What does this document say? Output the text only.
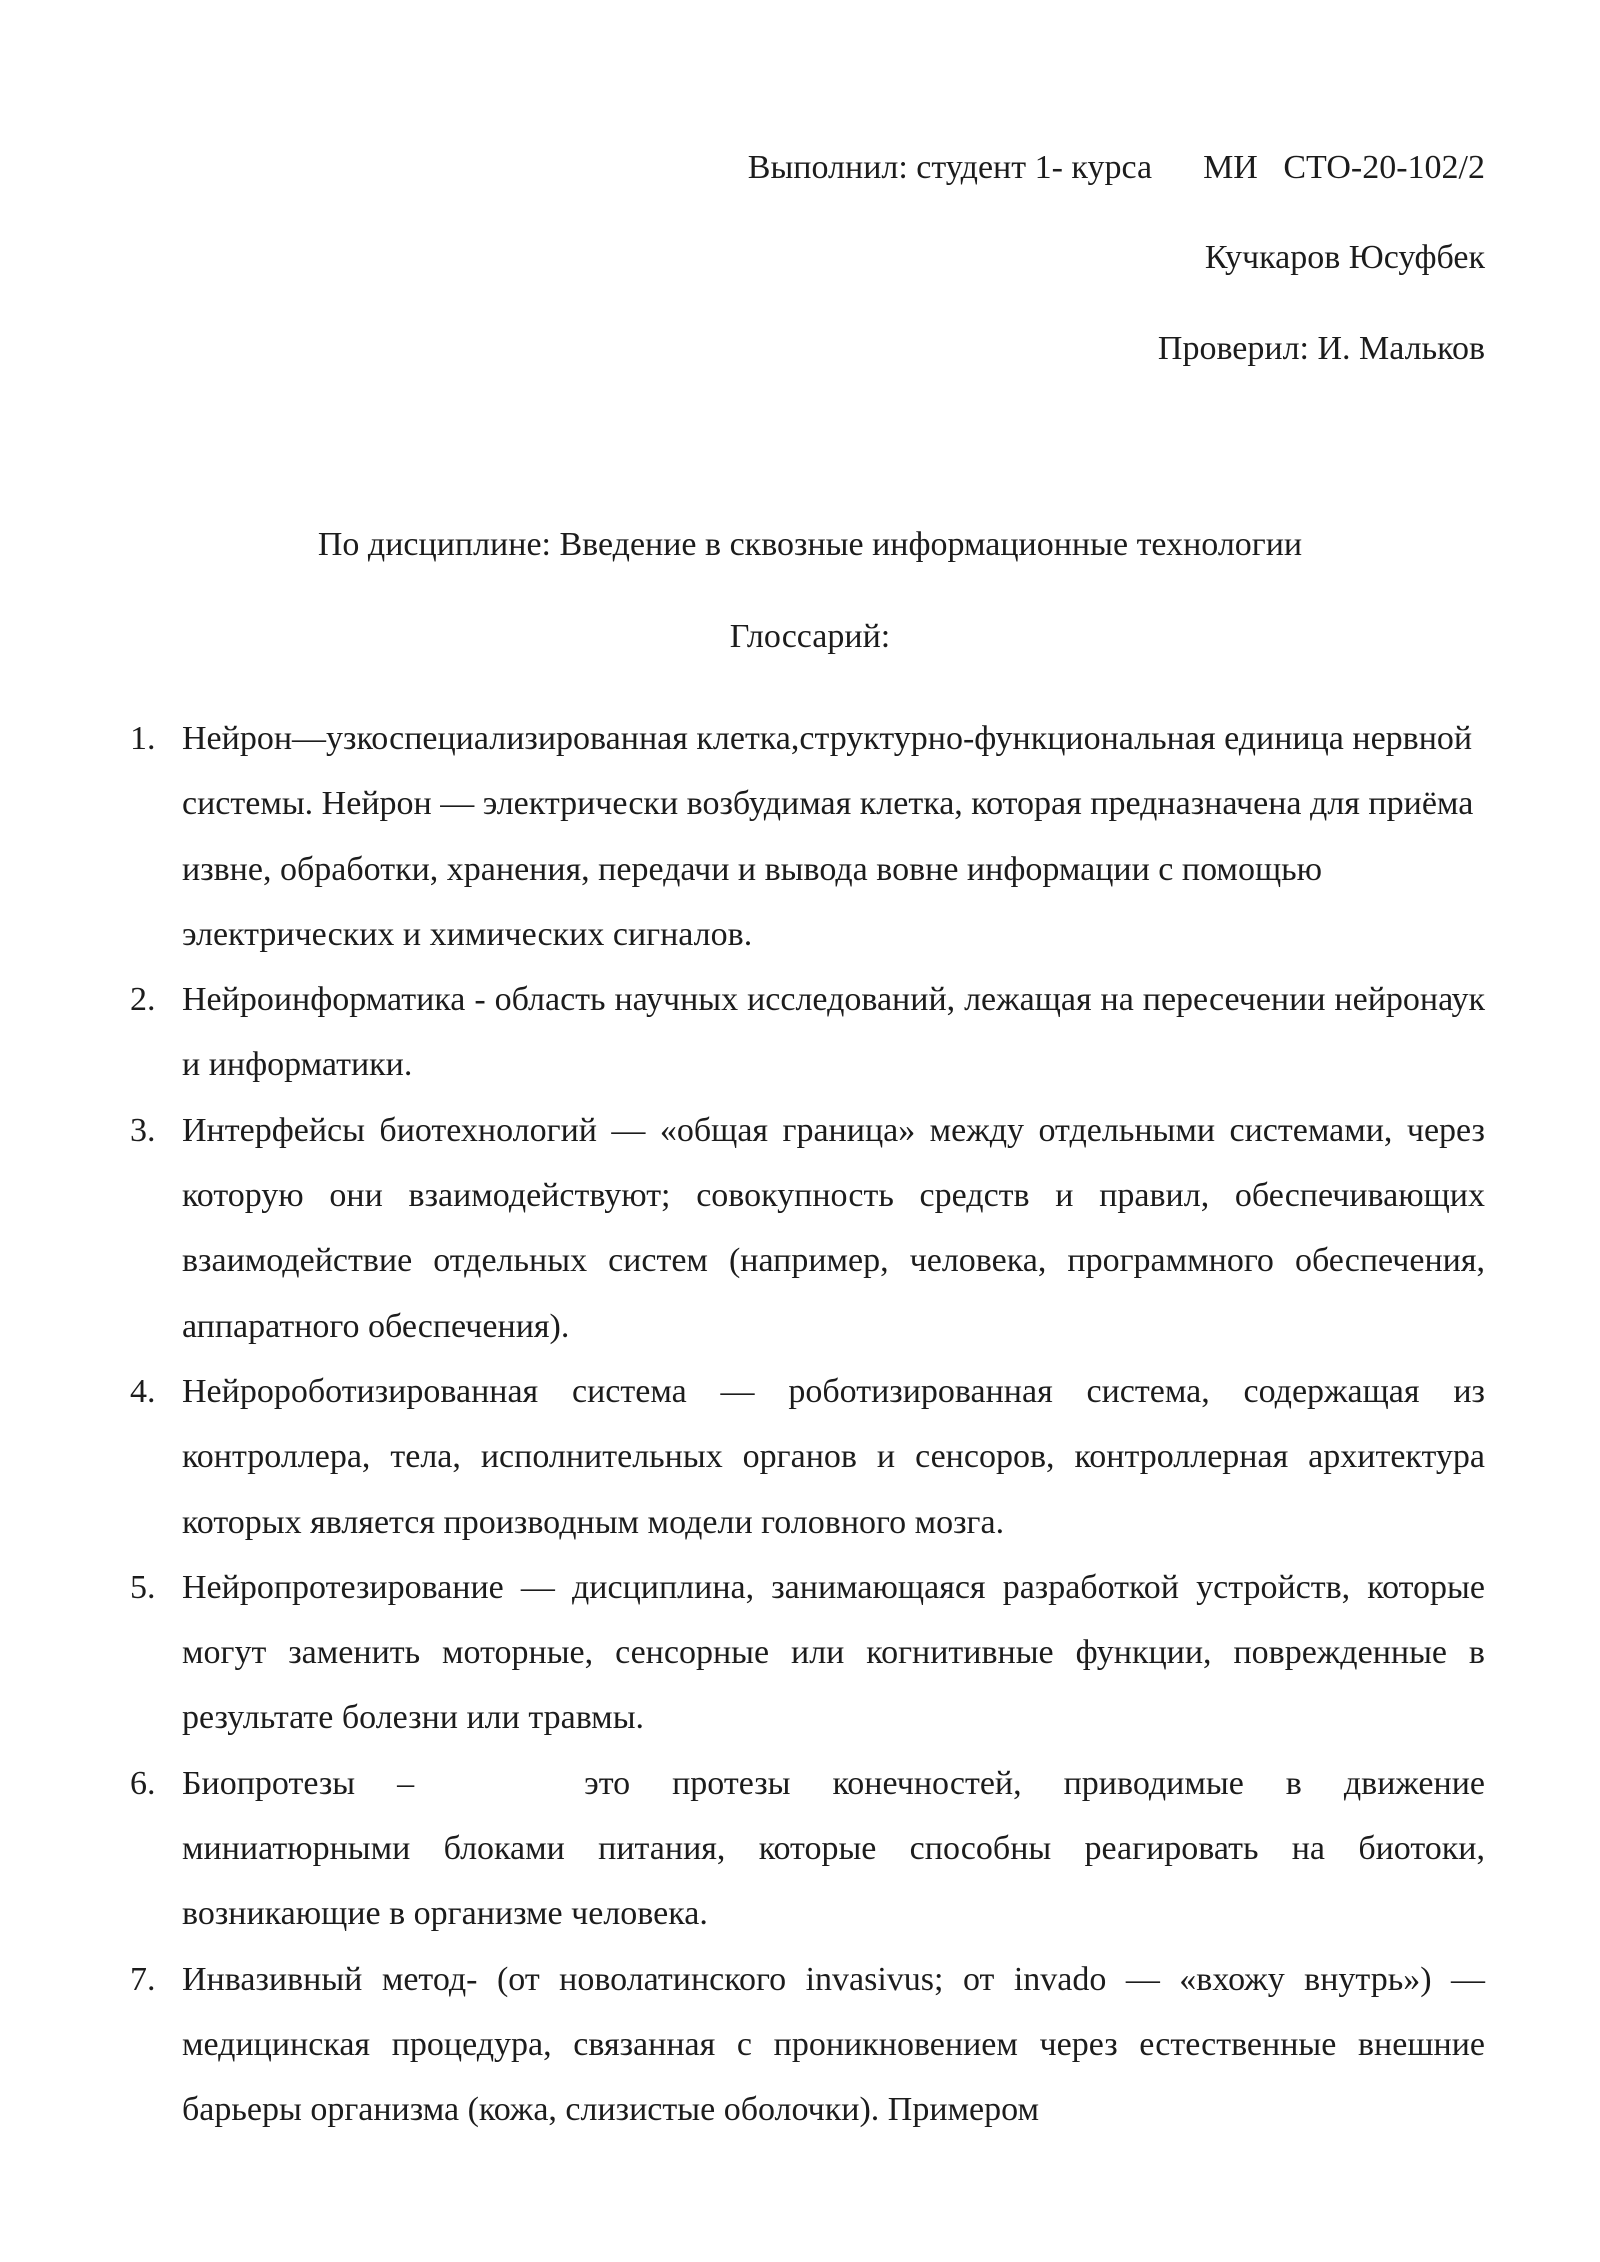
Выполнил: студент 1- курса      МИ   СТО-20-102/2
Кучкаров Юсуфбек
Проверил: И. Мальков
По дисциплине: Введение в сквозные информационные технологии
Глоссарий:
1. Нейрон—узкоспециализированная клетка,структурно-функциональная единица нервной системы. Нейрон — электрически возбудимая клетка, которая предназначена для приёма извне, обработки, хранения, передачи и вывода вовне информации с помощью электрических и химических сигналов.
2. Нейроинформатика - область научных исследований, лежащая на пересечении нейронаук и информатики.
3. Интерфейсы биотехнологий — «общая граница» между отдельными системами, через которую они взаимодействуют; совокупность средств и правил, обеспечивающих взаимодействие отдельных систем (например, человека, программного обеспечения, аппаратного обеспечения).
4. Нейророботизированная система — роботизированная система, содержащая из контроллера, тела, исполнительных органов и сенсоров, контроллерная архитектура которых является производным модели головного мозга.
5. Нейропротезирование — дисциплина, занимающаяся разработкой устройств, которые могут заменить моторные, сенсорные или когнитивные функции, поврежденные в результате болезни или травмы.
6. Биопротезы –	это протезы конечностей, приводимые в движение миниатюрными блоками питания, которые способны реагировать на биотоки, возникающие в организме человека.
7. Инвазивный метод- (от новолатинского invasivus; от invado — «вхожу внутрь») — медицинская процедура, связанная с проникновением через естественные внешние барьеры организма (кожа, слизистые оболочки). Примером
